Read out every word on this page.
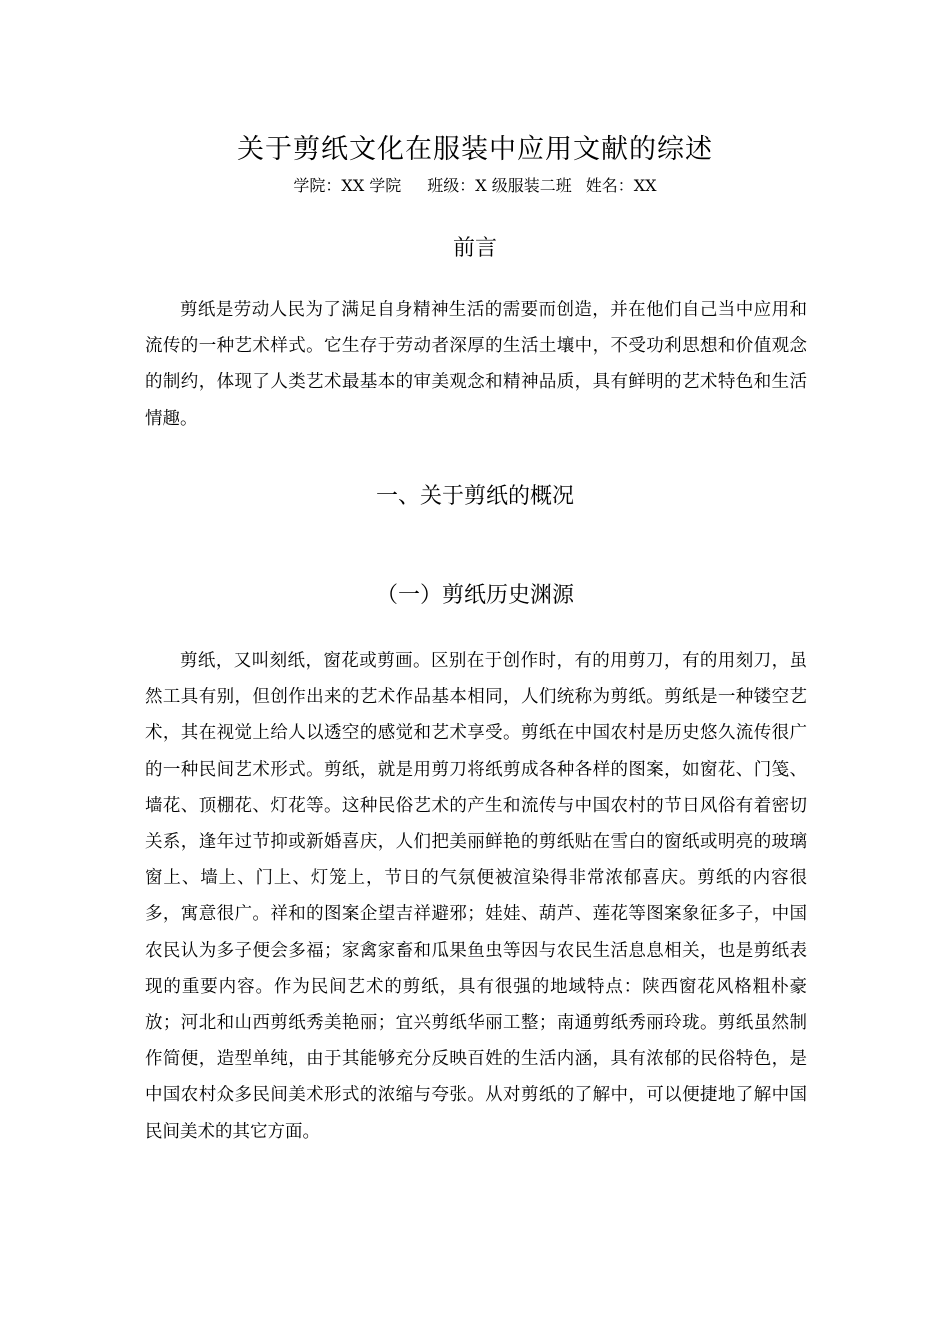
关于剪纸文化在服装中应用文献的综述
学院：XX 学院 班级：X 级服装二班 姓名：XX
前言

剪纸是劳动人民为了满足自身精神生活的需要而创造，并在他们自己当中应用和流传的一种艺术样式。它生存于劳动者深厚的生活土壤中，不受功利思想和价值观念的制约，体现了人类艺术最基本的审美观念和精神品质，具有鲜明的艺术特色和生活情趣。

一、关于剪纸的概况
（一）剪纸历史渊源

剪纸，又叫刻纸，窗花或剪画。区别在于创作时，有的用剪刀，有的用刻刀，虽然工具有别，但创作出来的艺术作品基本相同，人们统称为剪纸。剪纸是一种镂空艺术，其在视觉上给人以透空的感觉和艺术享受。剪纸在中国农村是历史悠久流传很广的一种民间艺术形式。剪纸，就是用剪刀将纸剪成各种各样的图案，如窗花、门笺、墙花、顶棚花、灯花等。这种民俗艺术的产生和流传与中国农村的节日风俗有着密切关系，逢年过节抑或新婚喜庆，人们把美丽鲜艳的剪纸贴在雪白的窗纸或明亮的玻璃窗上、墙上、门上、灯笼上，节日的气氛便被渲染得非常浓郁喜庆。剪纸的内容很多，寓意很广。祥和的图案企望吉祥避邪；娃娃、葫芦、莲花等图案象征多子，中国农民认为多子便会多福；家禽家畜和瓜果鱼虫等因与农民生活息息相关，也是剪纸表现的重要内容。作为民间艺术的剪纸，具有很强的地域特点：陕西窗花风格粗朴豪放；河北和山西剪纸秀美艳丽；宜兴剪纸华丽工整；南通剪纸秀丽玲珑。剪纸虽然制作简便，造型单纯，由于其能够充分反映百姓的生活内涵，具有浓郁的民俗特色，是中国农村众多民间美术形式的浓缩与夸张。从对剪纸的了解中，可以便捷地了解中国民间美术的其它方面。
